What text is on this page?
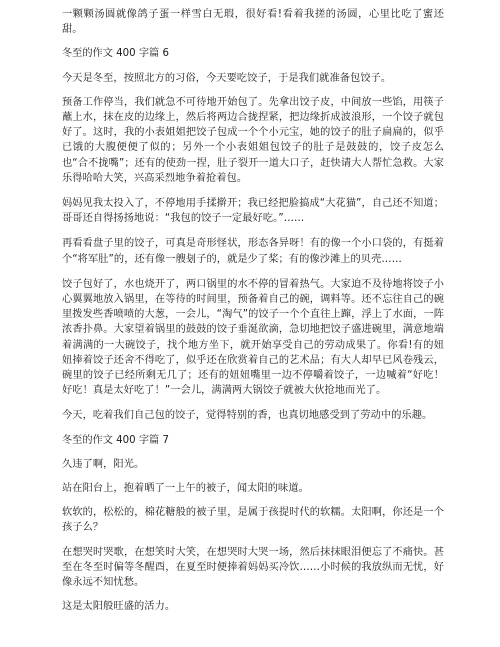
一颗颗汤圆就像鸽子蛋一样雪白无瑕，很好看!看着我搓的汤圆，心里比吃了蜜还甜。

冬至的作文 400 字篇 6

今天是冬至，按照北方的习俗，今天要吃饺子，于是我们就准备包饺子。

预备工作停当，我们就急不可待地开始包了。先拿出饺子皮，中间放一些馅，用筷子蘸上水，抹在皮的边缘上，然后将两边合拢捏紧，把边缘折成波浪形，一个饺子就包好了。这时，我的小表姐姐把饺子包成一个个小元宝，她的饺子的肚子扁扁的，似乎已饿的大腹便便了似的；另外一个小表姐姐包饺子的肚子是鼓鼓的，饺子皮怎么也“合不拢嘴”；还有的使劲一捏，肚子裂开一道大口子，赶快请大人帮忙急救。大家乐得哈哈大笑，兴高采烈地争着抢着包。

妈妈见我太投入了，不停地用手揉擀开；我已经把脸搞成“大花猫”，自己还不知道；哥哥还自得扬扬地说：“我包的饺子一定最好吃。”……

再看看盘子里的饺子，可真是奇形怪状，形态各异呀！有的像一个小口袋的，有挺着个“将军肚”的，还有像一艘刬子的，就是少了桨；有的像沙滩上的贝壳……

饺子包好了，水也烧开了，两口锅里的水不停的冒着热气。大家迫不及待地将饺子小心翼翼地放入锅里，在等待的时间里，预备着自己的碗，调料等。还不忘往自己的碗里拨发些香喷喷的大葱，一会儿，“淘气”的饺子一个个直往上蹿，浮上了水面，一阵浓香扑鼻。大家望着锅里的鼓鼓的饺子垂涎欲滴，急切地把饺子盛进碗里，满意地端着满满的一大碗饺子，找个地方坐下，就开始享受自己的劳动成果了。你看!有的妞妞捧着饺子还舍不得吃了，似乎还在欣赏着自己的艺术品；有大人却早已风卷残云，碗里的饺子已经所剩无几了；还有的妞妞嘴里一边不停嚼着饺子，一边喊着“好吃！好吃！真是太好吃了！”一会儿，满满两大锅饺子就被大伙抢地而光了。

今天，吃着我们自己包的饺子，觉得特别的香，也真切地感受到了劳动中的乐趣。

冬至的作文 400 字篇 7

久违了啊，阳光。

站在阳台上，抱着晒了一上午的被子，闻太阳的味道。

软软的，松松的，棉花糖般的被子里，是属于孩提时代的软糯。太阳啊，你还是一个孩子么？

在想哭时哭歌，在想笑时大笑，在想哭时大哭一场，然后抹抹眼泪便忘了不痛快。甚至在冬至时偏等冬醒酉，在夏至时便捧着妈妈买冷饮……小时候的我放纵而无忧，好像永远不知忧愁。

这是太阳般旺盛的活力。
